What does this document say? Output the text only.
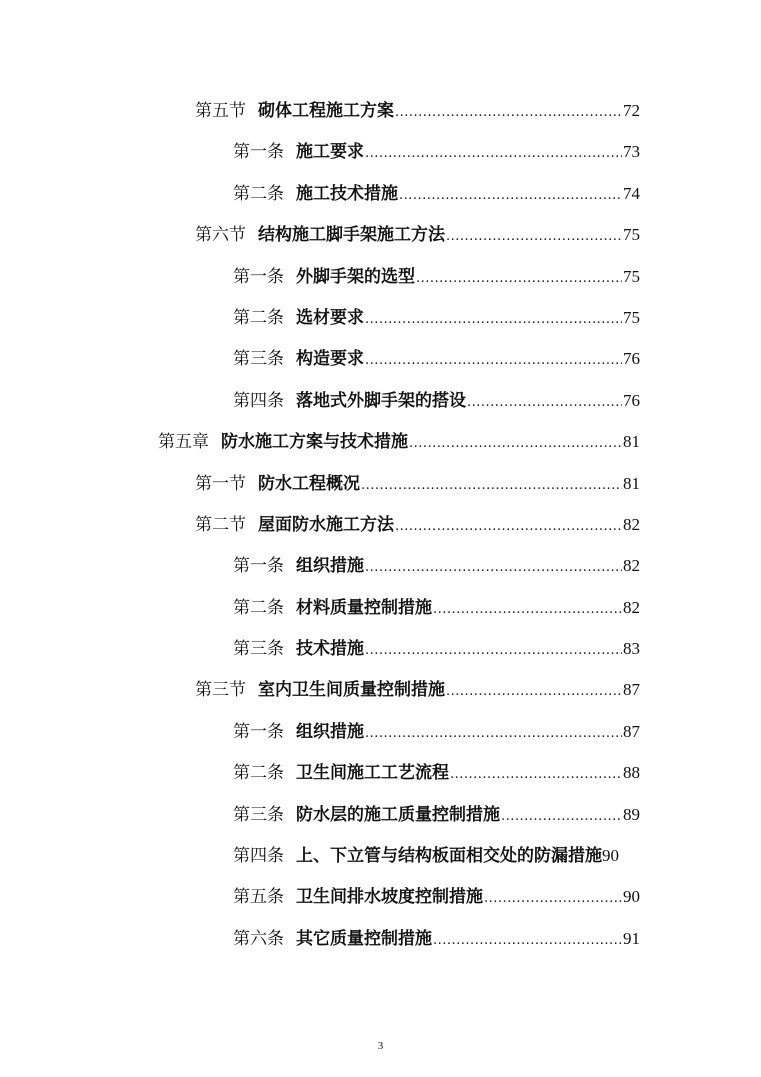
第五节 砌体工程施工方案 .....	72
第一条 施工要求 .....	73
第二条 施工技术措施 .....	74
第六节 结构施工脚手架施工方法 .....	75
第一条 外脚手架的选型 .....	75
第二条 选材要求 .....	75
第三条 构造要求 .....	76
第四条 落地式外脚手架的搭设 .....	76
第五章 防水施工方案与技术措施 .....	81
第一节 防水工程概况 .....	81
第二节 屋面防水施工方法 .....	82
第一条 组织措施 .....	82
第二条 材料质量控制措施 .....	82
第三条 技术措施 .....	83
第三节 室内卫生间质量控制措施 .....	87
第一条 组织措施 .....	87
第二条 卫生间施工工艺流程 .....	88
第三条 防水层的施工质量控制措施 .....	89
第四条 上、下立管与结构板面相交处的防漏措施 90
第五条 卫生间排水坡度控制措施 .....	90
第六条 其它质量控制措施 .....	91
3
